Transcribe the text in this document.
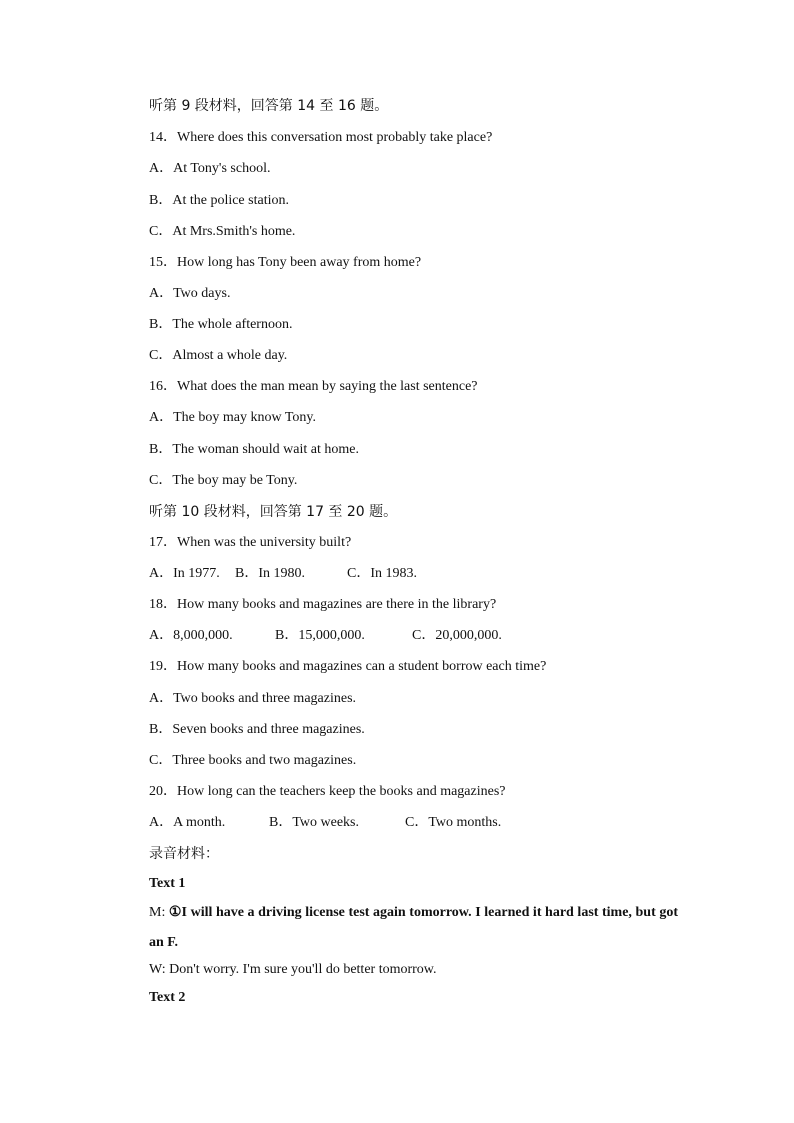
听第 9 段材料，回答第 14 至 16 题。
14．Where does this conversation most probably take place?
A．At Tony's school.
B．At the police station.
C．At Mrs.Smith's home.
15．How long has Tony been away from home?
A．Two days.
B．The whole afternoon.
C．Almost a whole day.
16．What does the man mean by saying the last sentence?
A．The boy may know Tony.
B．The woman should wait at home.
C．The boy may be Tony.
听第 10 段材料，回答第 17 至 20 题。
17．When was the university built?
A．In 1977. B．In 1980.	C．In 1983.
18．How many books and magazines are there in the library?
A．8,000,000.	B．15,000,000.	C．20,000,000.
19．How many books and magazines can a student borrow each time?
A．Two books and three magazines.
B．Seven books and three magazines.
C．Three books and two magazines.
20．How long can the teachers keep the books and magazines?
A．A month.	B．Two weeks.	C．Two months.
录音材料：
Text 1
M: ①I will have a driving license test again tomorrow. I learned it hard last time, but got an F.
W: Don't worry. I'm sure you'll do better tomorrow.
Text 2
